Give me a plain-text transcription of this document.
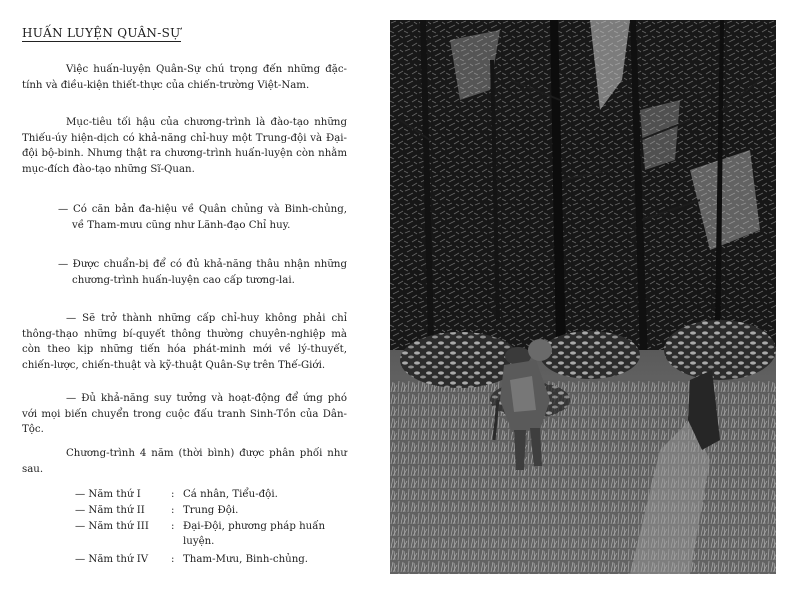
HUẤN LUYỆN QUÂN-SỰ

Việc huấn-luyện Quân-Sự chú trọng đến những đặc-tính và điều-kiện thiết-thực của chiến-trường Việt-Nam.

Mục-tiêu tối hậu của chương-trình là đào-tạo những Thiếu-úy hiện-dịch có khả-năng chỉ-huy một Trung-đội và Đại-đội bộ-binh. Nhưng thật ra chương-trình huấn-luyện còn nhằm mục-đích đào-tạo những Sĩ-Quan.

— Có căn bản đa-hiệu về Quân chủng và Binh-chủng, về Tham-mưu cũng như Lãnh-đạo Chỉ huy.

— Được chuẩn-bị để có đủ khả-năng thâu nhận những chương-trình huấn-luyện cao cấp tương-lai.

— Sẽ trở thành những cấp chỉ-huy không phải chỉ thông-thạo những bí-quyết thông thường chuyên-nghiệp mà còn theo kịp những tiến hóa phát-minh mới về lý-thuyết, chiến-lược, chiến-thuật và kỹ-thuật Quân-Sự trên Thế-Giới.

— Đủ khả-năng suy tưởng và hoạt-động để ứng phó với mọi biến chuyển trong cuộc đấu tranh Sinh-Tồn của Dân-Tộc.

Chương-trình 4 năm (thời bình) được phân phối như sau.

— Năm thứ I	: Cá nhân, Tiểu-đội.
— Năm thứ II	: Trung Đội.
— Năm thứ III	: Đại-Đội, phương pháp huấn luyện.
— Năm thứ IV	: Tham-Mưu, Binh-chủng.
